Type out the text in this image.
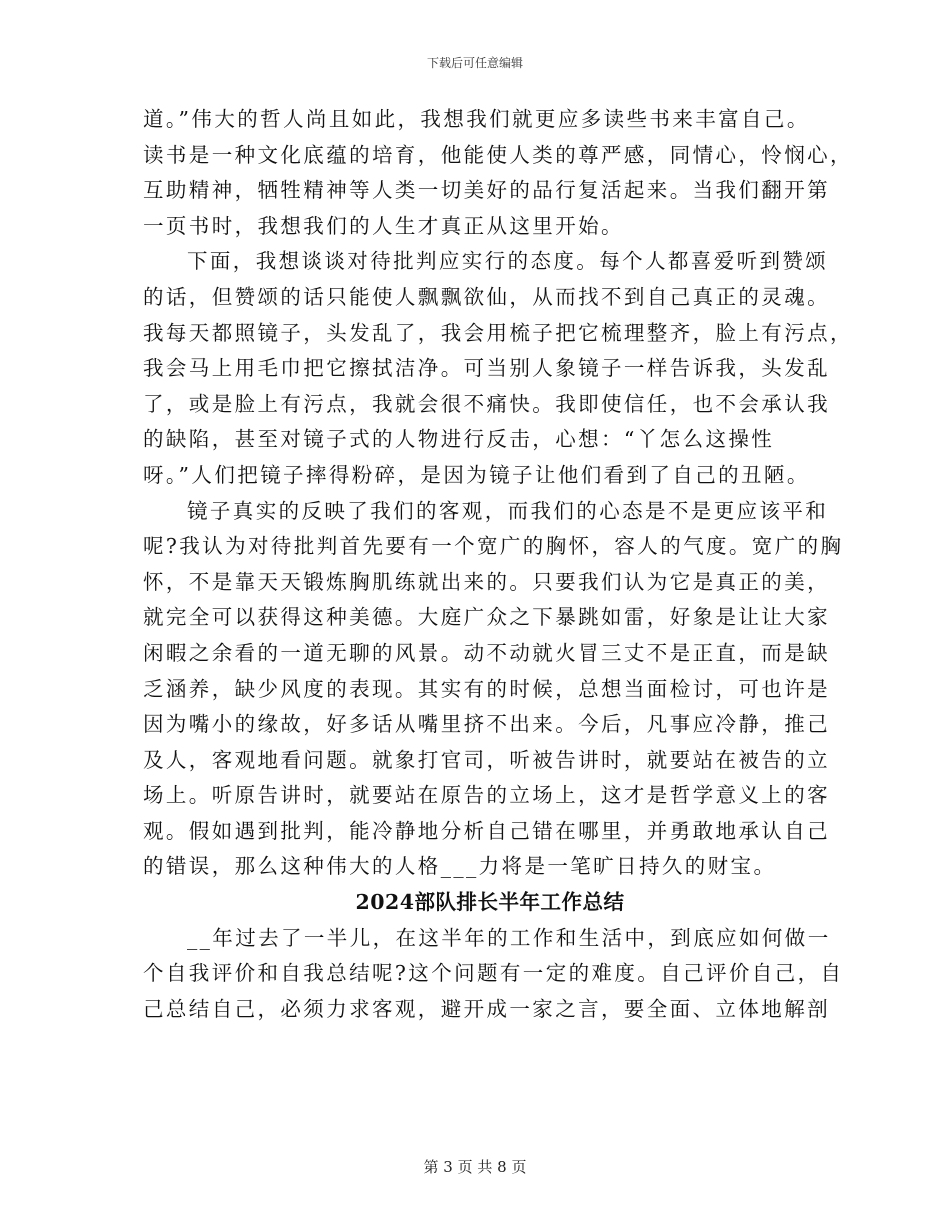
下载后可任意编辑
道。”伟大的哲人尚且如此，我想我们就更应多读些书来丰富自己。
读书是一种文化底蕴的培育，他能使人类的尊严感，同情心，怜悯心，
互助精神，牺牲精神等人类一切美好的品行复活起来。当我们翻开第
一页书时，我想我们的人生才真正从这里开始。
下面，我想谈谈对待批判应实行的态度。每个人都喜爱听到赞颂
的话，但赞颂的话只能使人飘飘欲仙，从而找不到自己真正的灵魂。
我每天都照镜子，头发乱了，我会用梳子把它梳理整齐，脸上有污点，
我会马上用毛巾把它擦拭洁净。可当别人象镜子一样告诉我，头发乱
了，或是脸上有污点，我就会很不痛快。我即使信任，也不会承认我
的缺陷，甚至对镜子式的人物进行反击，心想：“丫怎么这操性
呀。”人们把镜子摔得粉碎，是因为镜子让他们看到了自己的丑陋。
镜子真实的反映了我们的客观，而我们的心态是不是更应该平和
呢?我认为对待批判首先要有一个宽广的胸怀，容人的气度。宽广的胸
怀，不是靠天天锻炼胸肌练就出来的。只要我们认为它是真正的美，
就完全可以获得这种美德。大庭广众之下暴跳如雷，好象是让让大家
闲暇之余看的一道无聊的风景。动不动就火冒三丈不是正直，而是缺
乏涵养，缺少风度的表现。其实有的时候，总想当面检讨，可也许是
因为嘴小的缘故，好多话从嘴里挤不出来。今后，凡事应冷静，推己
及人，客观地看问题。就象打官司，听被告讲时，就要站在被告的立
场上。听原告讲时，就要站在原告的立场上，这才是哲学意义上的客
观。假如遇到批判，能冷静地分析自己错在哪里，并勇敢地承认自己
的错误，那么这种伟大的人格___力将是一笔旷日持久的财宝。
2024部队排长半年工作总结
__年过去了一半儿，在这半年的工作和生活中，到底应如何做一
个自我评价和自我总结呢?这个问题有一定的难度。自己评价自己，自
己总结自己，必须力求客观，避开成一家之言，要全面、立体地解剖
第 3 页 共 8 页
